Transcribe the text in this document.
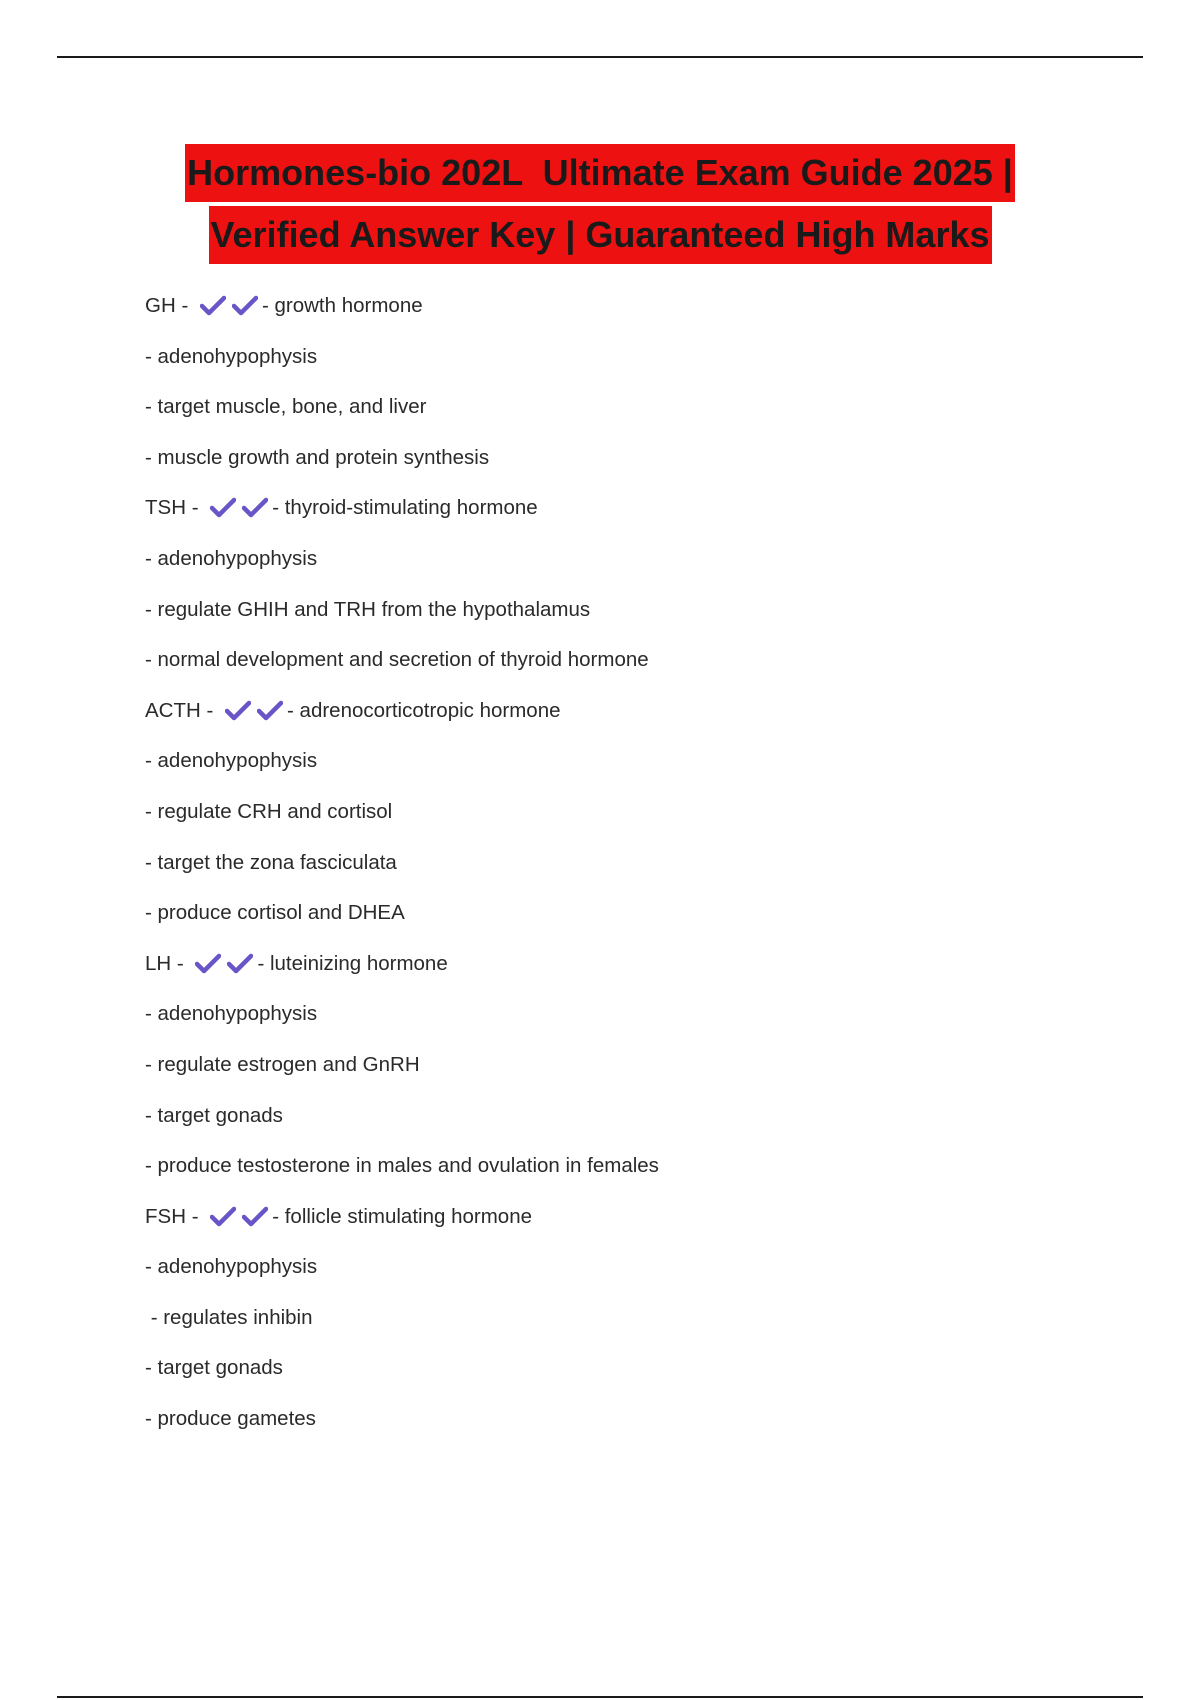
Hormones-bio 202L  Ultimate Exam Guide 2025 |
Verified Answer Key | Guaranteed High Marks
GH -	- growth hormone
- adenohypophysis
- target muscle, bone, and liver
- muscle growth and protein synthesis
TSH -	- thyroid-stimulating hormone
- adenohypophysis
- regulate GHIH and TRH from the hypothalamus
- normal development and secretion of thyroid hormone
ACTH -	- adrenocorticotropic hormone
- adenohypophysis
- regulate CRH and cortisol
- target the zona fasciculata
- produce cortisol and DHEA
LH -	- luteinizing hormone
- adenohypophysis
- regulate estrogen and GnRH
- target gonads
- produce testosterone in males and ovulation in females
FSH -	- follicle stimulating hormone
- adenohypophysis
- regulates inhibin
- target gonads
- produce gametes
